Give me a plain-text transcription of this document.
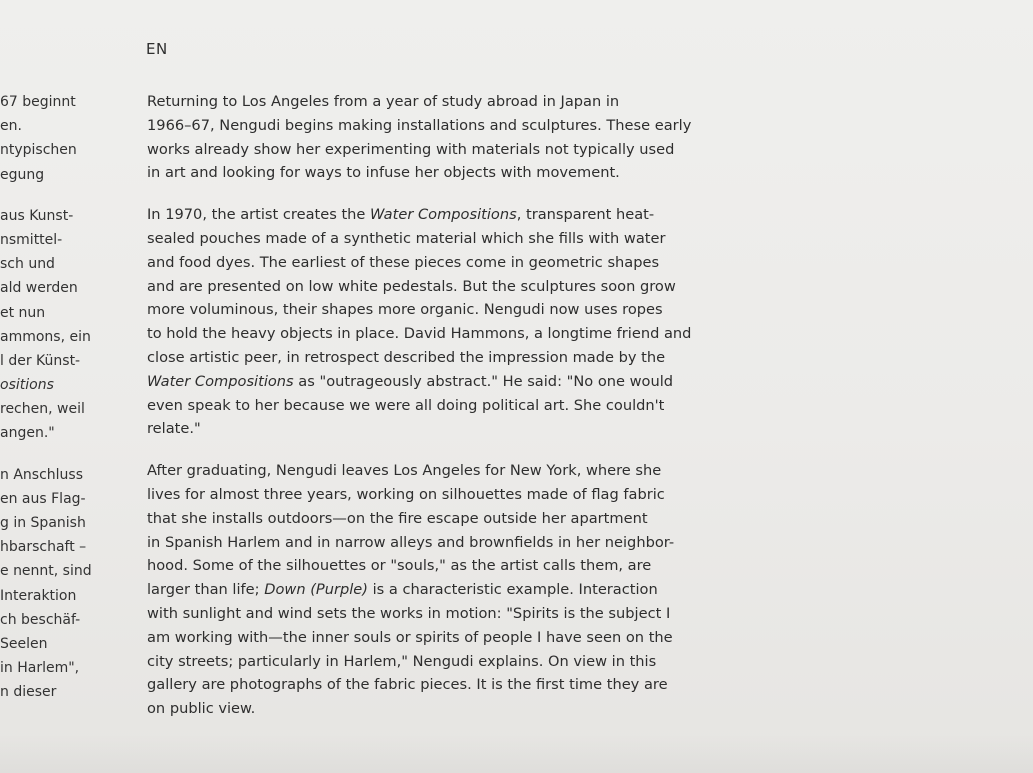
67 beginnt
en.
ntypischen
egung
aus Kunst-
nsmittel-
sch und
ald werden
et nun
ammons, ein
l der Künst-
ositions
rechen, weil
angen."
n Anschluss
en aus Flag-
g in Spanish
hbarschaft –
e nennt, sind
Interaktion
ch beschäf-
Seelen
in Harlem",
n dieser
EN
Returning to Los Angeles from a year of study abroad in Japan in
1966–67, Nengudi begins making installations and sculptures. These early
works already show her experimenting with materials not typically used
in art and looking for ways to infuse her objects with movement.
In 1970, the artist creates the Water Compositions, transparent heat-
sealed pouches made of a synthetic material which she fills with water
and food dyes. The earliest of these pieces come in geometric shapes
and are presented on low white pedestals. But the sculptures soon grow
more voluminous, their shapes more organic. Nengudi now uses ropes
to hold the heavy objects in place. David Hammons, a longtime friend and
close artistic peer, in retrospect described the impression made by the
Water Compositions as "outrageously abstract." He said: "No one would
even speak to her because we were all doing political art. She couldn't
relate."
After graduating, Nengudi leaves Los Angeles for New York, where she
lives for almost three years, working on silhouettes made of flag fabric
that she installs outdoors—on the fire escape outside her apartment
in Spanish Harlem and in narrow alleys and brownfields in her neighbor-
hood. Some of the silhouettes or "souls," as the artist calls them, are
larger than life; Down (Purple) is a characteristic example. Interaction
with sunlight and wind sets the works in motion: "Spirits is the subject I
am working with—the inner souls or spirits of people I have seen on the
city streets; particularly in Harlem," Nengudi explains. On view in this
gallery are photographs of the fabric pieces. It is the first time they are
on public view.
